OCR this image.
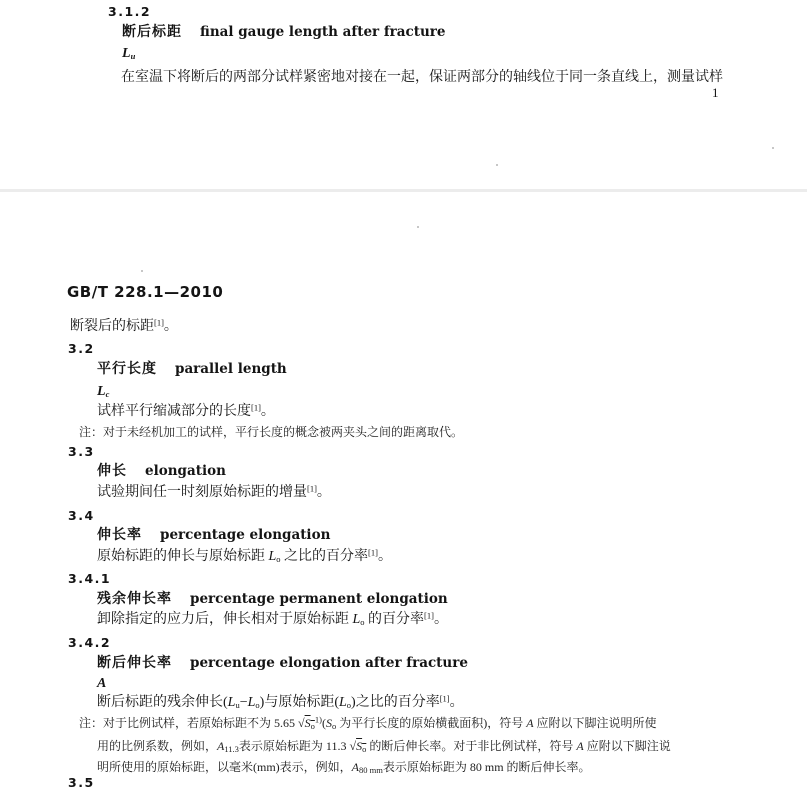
3.1.2
断后标距 final gauge length after fracture
$L_u$
在室温下将断后的两部分试样紧密地对接在一起，保证两部分的轴线位于同一条直线上，测量试样
1
GB/T 228.1—2010
断裂后的标距[1]。
3.2
平行长度 parallel length
$L_c$
试样平行缩减部分的长度[1]。
注：对于未经机加工的试样，平行长度的概念被两夹头之间的距离取代。
3.3
伸长 elongation
试验期间任一时刻原始标距的增量[1]。
3.4
伸长率 percentage elongation
原始标距的伸长与原始标距 $L_o$ 之比的百分率[1]。
3.4.1
残余伸长率 percentage permanent elongation
卸除指定的应力后，伸长相对于原始标距 $L_o$ 的百分率[1]。
3.4.2
断后伸长率 percentage elongation after fracture
A
断后标距的残余伸长$(L_u-L_o)$与原始标距$(L_o)$之比的百分率[1]。
注：对于比例试样，若原始标距不为 5.65 $√S_o^{1)}(S_o$ 为平行长度的原始横截面积)，符号 A 应附以下脚注说明所使
用的比例系数，例如，$A_{11.3}$表示原始标距为 11.3 $√S_o$ 的断后伸长率。对于非比例试样，符号 A 应附以下脚注说
明所使用的原始标距，以毫米(mm)表示，例如，$A_{80 mm}$表示原始标距为 80 mm 的断后伸长率。
3.5
